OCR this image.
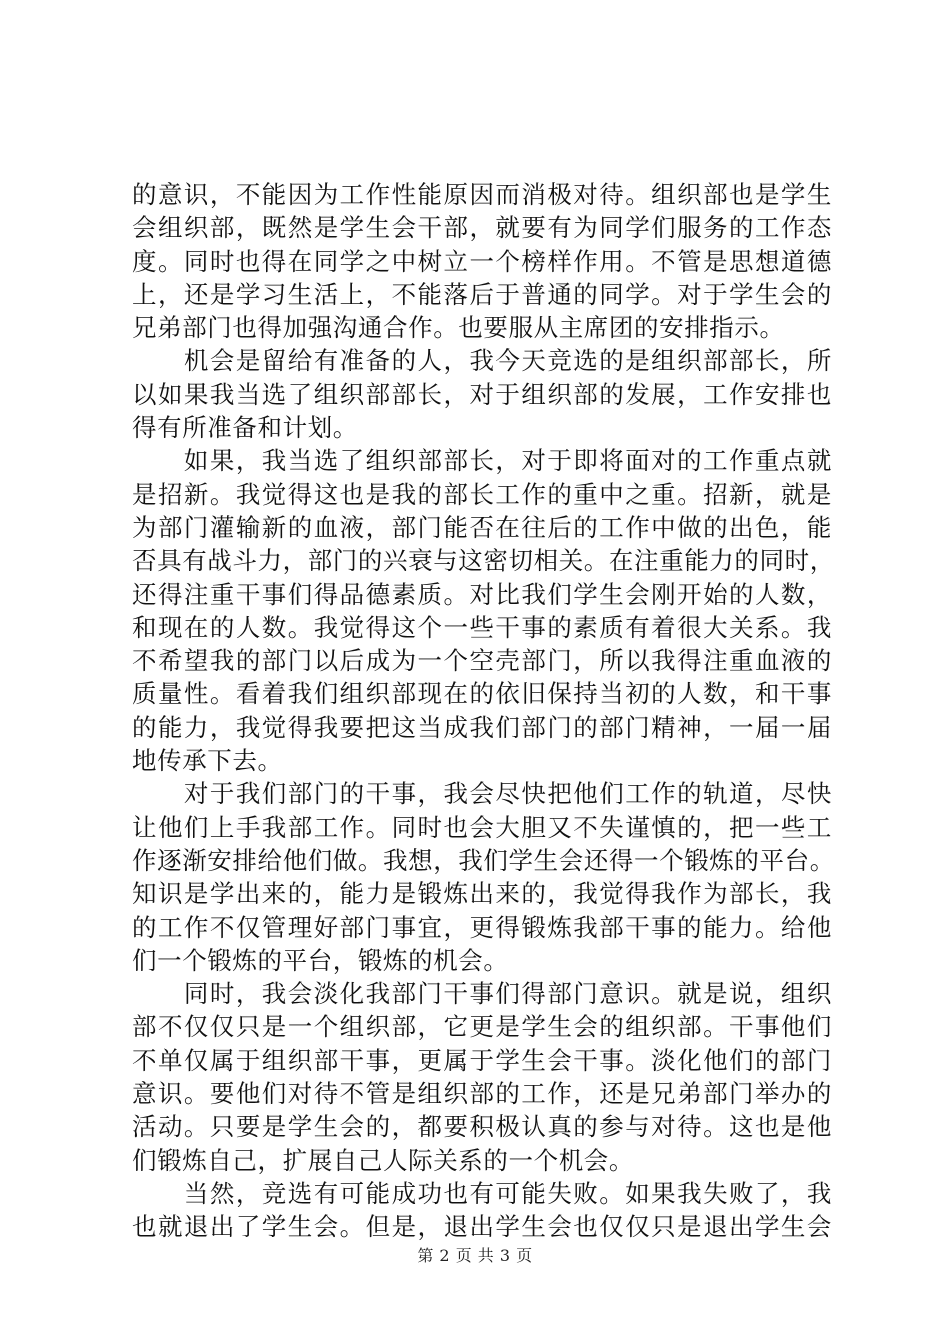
的意识，不能因为工作性能原因而消极对待。组织部也是学生
会组织部，既然是学生会干部，就要有为同学们服务的工作态
度。同时也得在同学之中树立一个榜样作用。不管是思想道德
上，还是学习生活上，不能落后于普通的同学。对于学生会的
兄弟部门也得加强沟通合作。也要服从主席团的安排指示。
　　机会是留给有准备的人，我今天竞选的是组织部部长，所
以如果我当选了组织部部长，对于组织部的发展，工作安排也
得有所准备和计划。
　　如果，我当选了组织部部长，对于即将面对的工作重点就
是招新。我觉得这也是我的部长工作的重中之重。招新，就是
为部门灌输新的血液，部门能否在往后的工作中做的出色，能
否具有战斗力，部门的兴衰与这密切相关。在注重能力的同时，
还得注重干事们得品德素质。对比我们学生会刚开始的人数，
和现在的人数。我觉得这个一些干事的素质有着很大关系。我
不希望我的部门以后成为一个空壳部门，所以我得注重血液的
质量性。看着我们组织部现在的依旧保持当初的人数，和干事
的能力，我觉得我要把这当成我们部门的部门精神，一届一届
地传承下去。
　　对于我们部门的干事，我会尽快把他们工作的轨道，尽快
让他们上手我部工作。同时也会大胆又不失谨慎的，把一些工
作逐渐安排给他们做。我想，我们学生会还得一个锻炼的平台。
知识是学出来的，能力是锻炼出来的，我觉得我作为部长，我
的工作不仅管理好部门事宜，更得锻炼我部干事的能力。给他
们一个锻炼的平台，锻炼的机会。
　　同时，我会淡化我部门干事们得部门意识。就是说，组织
部不仅仅只是一个组织部，它更是学生会的组织部。干事他们
不单仅属于组织部干事，更属于学生会干事。淡化他们的部门
意识。要他们对待不管是组织部的工作，还是兄弟部门举办的
活动。只要是学生会的，都要积极认真的参与对待。这也是他
们锻炼自己，扩展自己人际关系的一个机会。
　　当然，竞选有可能成功也有可能失败。如果我失败了，我
也就退出了学生会。但是，退出学生会也仅仅只是退出学生会
第 2 页 共 3 页
